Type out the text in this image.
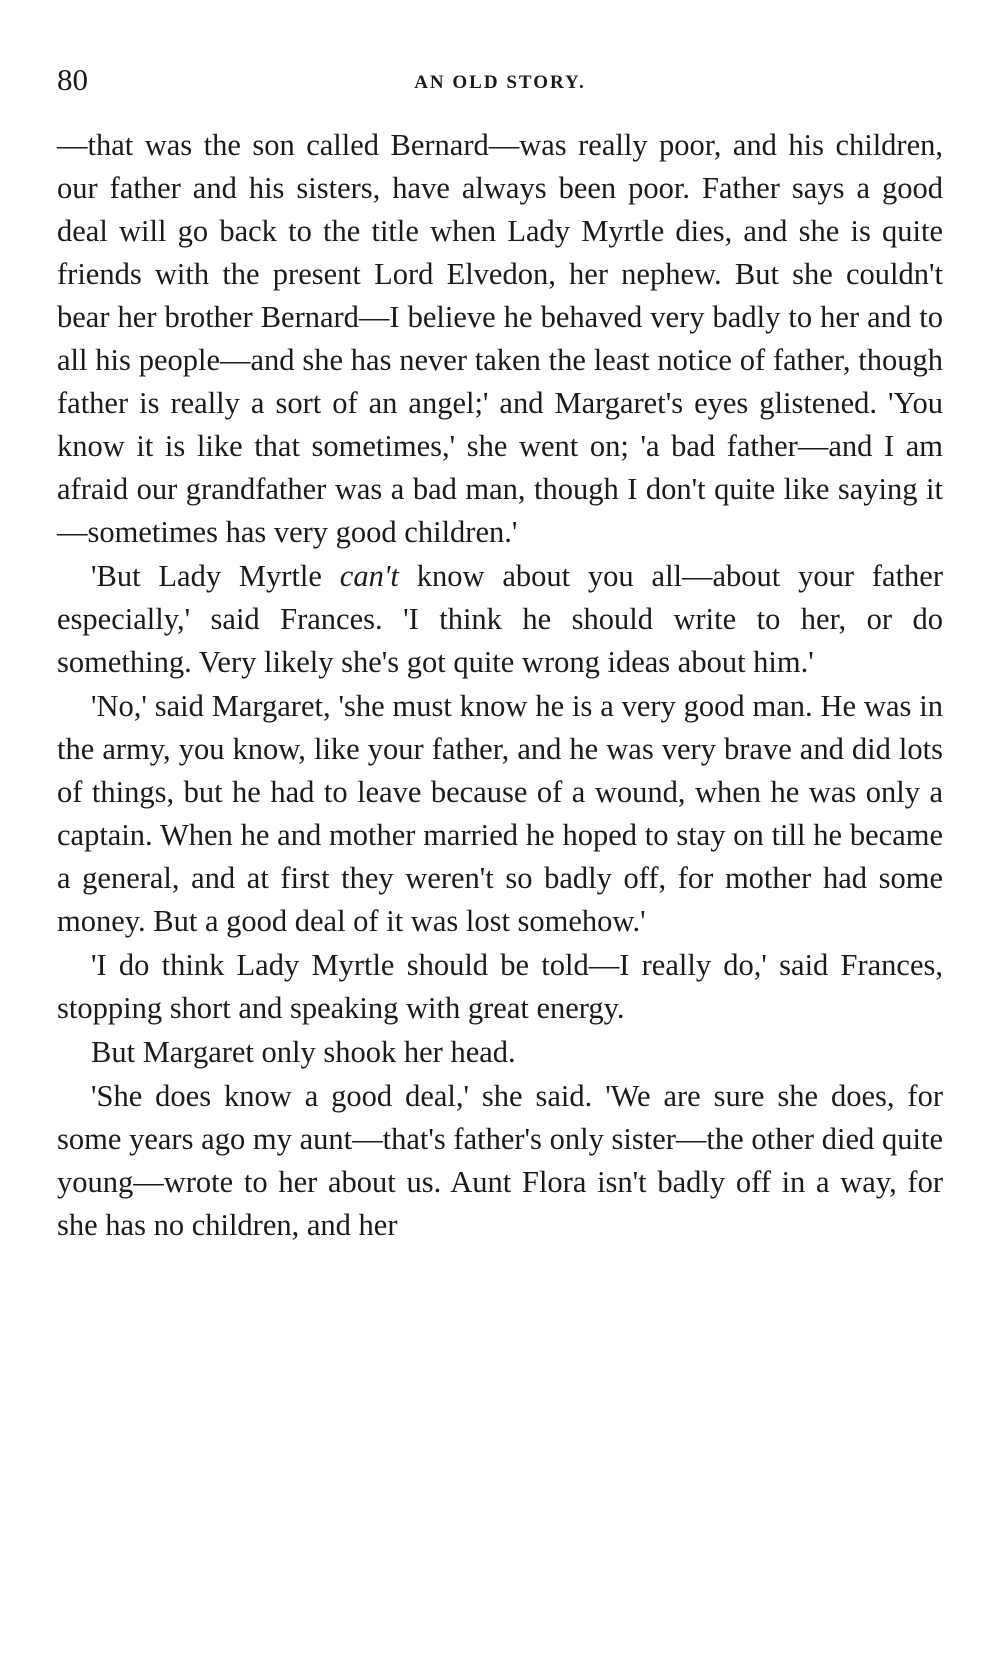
80	AN OLD STORY.

—that was the son called Bernard—was really poor, and his children, our father and his sisters, have always been poor. Father says a good deal will go back to the title when Lady Myrtle dies, and she is quite friends with the present Lord Elvedon, her nephew. But she couldn't bear her brother Bernard—I believe he behaved very badly to her and to all his people—and she has never taken the least notice of father, though father is really a sort of an angel;' and Margaret's eyes glistened. 'You know it is like that sometimes,' she went on; 'a bad father—and I am afraid our grandfather was a bad man, though I don't quite like saying it—sometimes has very good children.'

'But Lady Myrtle can't know about you all—about your father especially,' said Frances. 'I think he should write to her, or do something. Very likely she's got quite wrong ideas about him.'

'No,' said Margaret, 'she must know he is a very good man. He was in the army, you know, like your father, and he was very brave and did lots of things, but he had to leave because of a wound, when he was only a captain. When he and mother married he hoped to stay on till he became a general, and at first they weren't so badly off, for mother had some money. But a good deal of it was lost somehow.'

'I do think Lady Myrtle should be told—I really do,' said Frances, stopping short and speaking with great energy.

But Margaret only shook her head.

'She does know a good deal,' she said. 'We are sure she does, for some years ago my aunt—that's father's only sister—the other died quite young—wrote to her about us. Aunt Flora isn't badly off in a way, for she has no children, and her
